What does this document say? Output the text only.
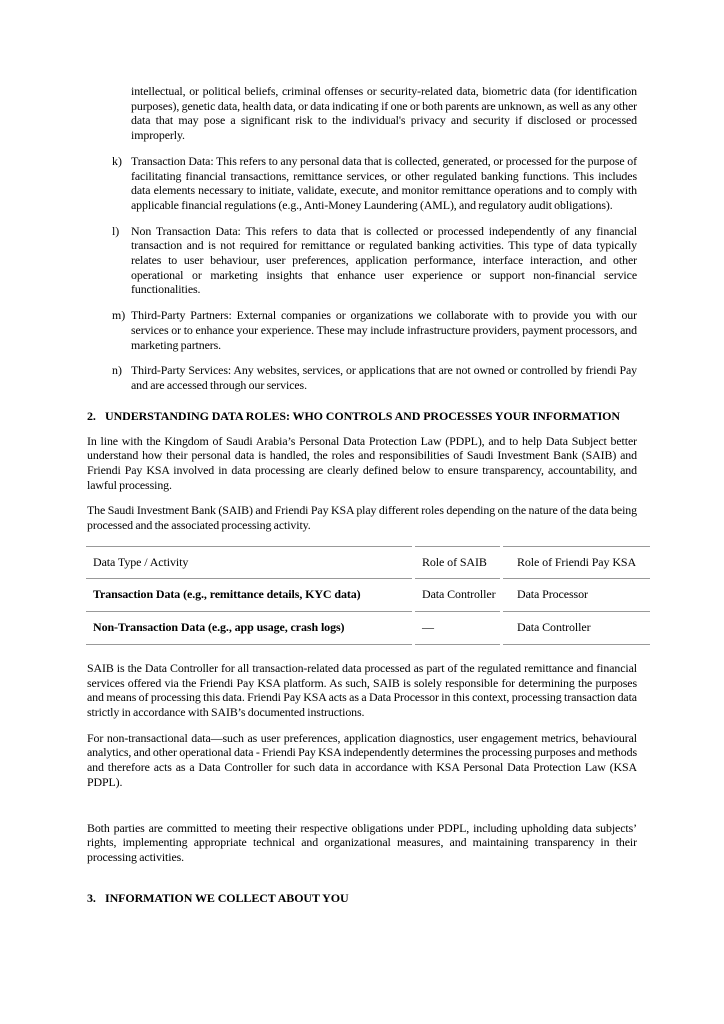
intellectual, or political beliefs, criminal offenses or security-related data, biometric data (for identification purposes), genetic data, health data, or data indicating if one or both parents are unknown, as well as any other data that may pose a significant risk to the individual's privacy and security if disclosed or processed improperly.

k) Transaction Data: This refers to any personal data that is collected, generated, or processed for the purpose of facilitating financial transactions, remittance services, or other regulated banking functions. This includes data elements necessary to initiate, validate, execute, and monitor remittance operations and to comply with applicable financial regulations (e.g., Anti-Money Laundering (AML), and regulatory audit obligations).

l) Non Transaction Data: This refers to data that is collected or processed independently of any financial transaction and is not required for remittance or regulated banking activities. This type of data typically relates to user behaviour, user preferences, application performance, interface interaction, and other operational or marketing insights that enhance user experience or support non-financial service functionalities.

m) Third-Party Partners: External companies or organizations we collaborate with to provide you with our services or to enhance your experience. These may include infrastructure providers, payment processors, and marketing partners.

n) Third-Party Services: Any websites, services, or applications that are not owned or controlled by friendi Pay and are accessed through our services.

2. UNDERSTANDING DATA ROLES: WHO CONTROLS AND PROCESSES YOUR INFORMATION

In line with the Kingdom of Saudi Arabia’s Personal Data Protection Law (PDPL), and to help Data Subject better understand how their personal data is handled, the roles and responsibilities of Saudi Investment Bank (SAIB) and Friendi Pay KSA involved in data processing are clearly defined below to ensure transparency, accountability, and lawful processing.

The Saudi Investment Bank (SAIB) and Friendi Pay KSA play different roles depending on the nature of the data being processed and the associated processing activity.

Data Type / Activity	Role of SAIB	Role of Friendi Pay KSA
Transaction Data (e.g., remittance details, KYC data)	Data Controller	Data Processor
Non-Transaction Data (e.g., app usage, crash logs)	—	Data Controller

SAIB is the Data Controller for all transaction-related data processed as part of the regulated remittance and financial services offered via the Friendi Pay KSA platform. As such, SAIB is solely responsible for determining the purposes and means of processing this data. Friendi Pay KSA acts as a Data Processor in this context, processing transaction data strictly in accordance with SAIB’s documented instructions.

For non-transactional data—such as user preferences, application diagnostics, user engagement metrics, behavioural analytics, and other operational data - Friendi Pay KSA independently determines the processing purposes and methods and therefore acts as a Data Controller for such data in accordance with KSA Personal Data Protection Law (KSA PDPL).

Both parties are committed to meeting their respective obligations under PDPL, including upholding data subjects’ rights, implementing appropriate technical and organizational measures, and maintaining transparency in their processing activities.

3. INFORMATION WE COLLECT ABOUT YOU
